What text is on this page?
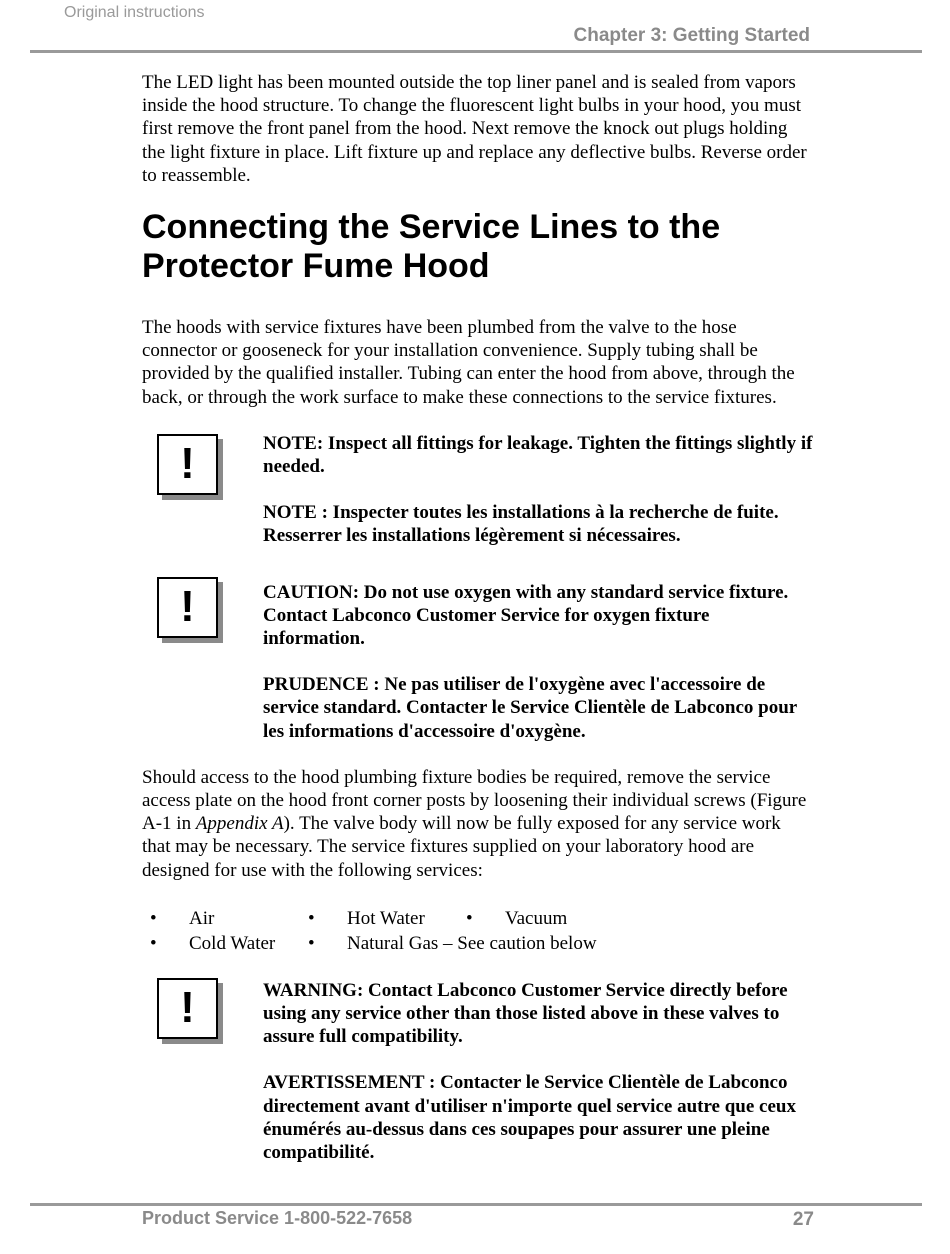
Original instructions
Chapter 3: Getting Started

The LED light has been mounted outside the top liner panel and is sealed from vapors inside the hood structure. To change the fluorescent light bulbs in your hood, you must first remove the front panel from the hood. Next remove the knock out plugs holding the light fixture in place. Lift fixture up and replace any deflective bulbs. Reverse order to reassemble.

Connecting the Service Lines to the Protector Fume Hood

The hoods with service fixtures have been plumbed from the valve to the hose connector or gooseneck for your installation convenience. Supply tubing shall be provided by the qualified installer. Tubing can enter the hood from above, through the back, or through the work surface to make these connections to the service fixtures.

!	NOTE: Inspect all fittings for leakage. Tighten the fittings slightly if needed.

NOTE : Inspecter toutes les installations à la recherche de fuite. Resserrer les installations légèrement si nécessaires.

!	CAUTION: Do not use oxygen with any standard service fixture. Contact Labconco Customer Service for oxygen fixture information.

PRUDENCE : Ne pas utiliser de l'oxygène avec l'accessoire de service standard. Contacter le Service Clientèle de Labconco pour les informations d'accessoire d'oxygène.

Should access to the hood plumbing fixture bodies be required, remove the service access plate on the hood front corner posts by loosening their individual screws (Figure A-1 in Appendix A). The valve body will now be fully exposed for any service work that may be necessary. The service fixtures supplied on your laboratory hood are designed for use with the following services:

• Air
• Cold Water
• Hot Water
• Natural Gas – See caution below
• Vacuum
!	WARNING: Contact Labconco Customer Service directly before using any service other than those listed above in these valves to assure full compatibility.

AVERTISSEMENT : Contacter le Service Clientèle de Labconco directement avant d'utiliser n'importe quel service autre que ceux énumérés au-dessus dans ces soupapes pour assurer une pleine compatibilité.

Product Service 1-800-522-7658	27
